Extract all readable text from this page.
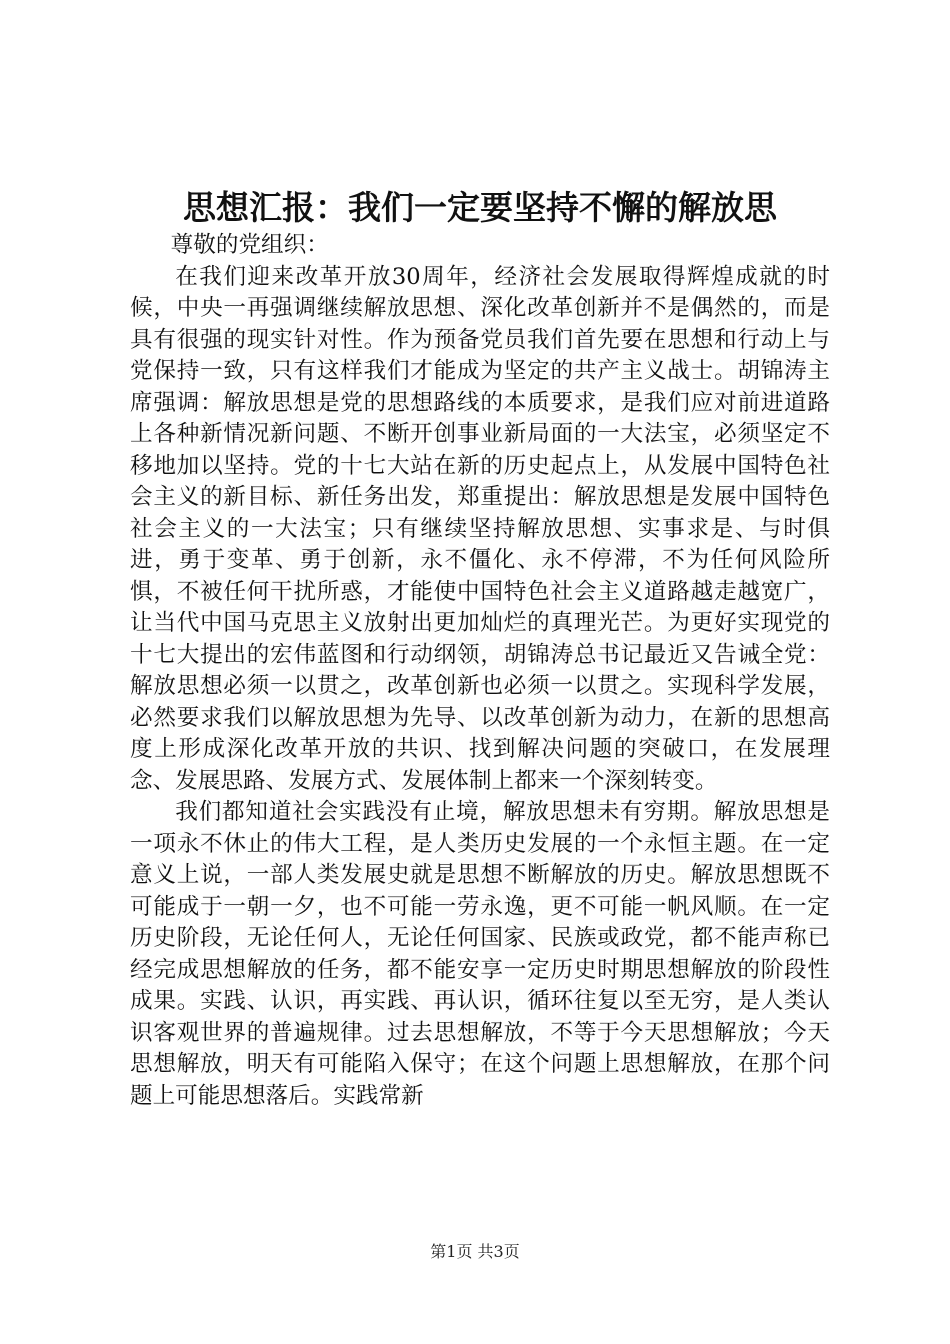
思想汇报：我们一定要坚持不懈的解放思

尊敬的党组织：

在我们迎来改革开放30周年，经济社会发展取得辉煌成就的时候，中央一再强调继续解放思想、深化改革创新并不是偶然的，而是具有很强的现实针对性。作为预备党员我们首先要在思想和行动上与党保持一致，只有这样我们才能成为坚定的共产主义战士。胡锦涛主席强调：解放思想是党的思想路线的本质要求，是我们应对前进道路上各种新情况新问题、不断开创事业新局面的一大法宝，必须坚定不移地加以坚持。党的十七大站在新的历史起点上，从发展中国特色社会主义的新目标、新任务出发，郑重提出：解放思想是发展中国特色社会主义的一大法宝；只有继续坚持解放思想、实事求是、与时俱进，勇于变革、勇于创新，永不僵化、永不停滞，不为任何风险所惧，不被任何干扰所惑，才能使中国特色社会主义道路越走越宽广，让当代中国马克思主义放射出更加灿烂的真理光芒。为更好实现党的十七大提出的宏伟蓝图和行动纲领，胡锦涛总书记最近又告诫全党：解放思想必须一以贯之，改革创新也必须一以贯之。实现科学发展，必然要求我们以解放思想为先导、以改革创新为动力，在新的思想高度上形成深化改革开放的共识、找到解决问题的突破口，在发展理念、发展思路、发展方式、发展体制上都来一个深刻转变。

我们都知道社会实践没有止境，解放思想未有穷期。解放思想是一项永不休止的伟大工程，是人类历史发展的一个永恒主题。在一定意义上说，一部人类发展史就是思想不断解放的历史。解放思想既不可能成于一朝一夕，也不可能一劳永逸，更不可能一帆风顺。在一定历史阶段，无论任何人，无论任何国家、民族或政党，都不能声称已经完成思想解放的任务，都不能安享一定历史时期思想解放的阶段性成果。实践、认识，再实践、再认识，循环往复以至无穷，是人类认识客观世界的普遍规律。过去思想解放，不等于今天思想解放；今天思想解放，明天有可能陷入保守；在这个问题上思想解放，在那个问题上可能思想落后。实践常新

第1页 共3页
